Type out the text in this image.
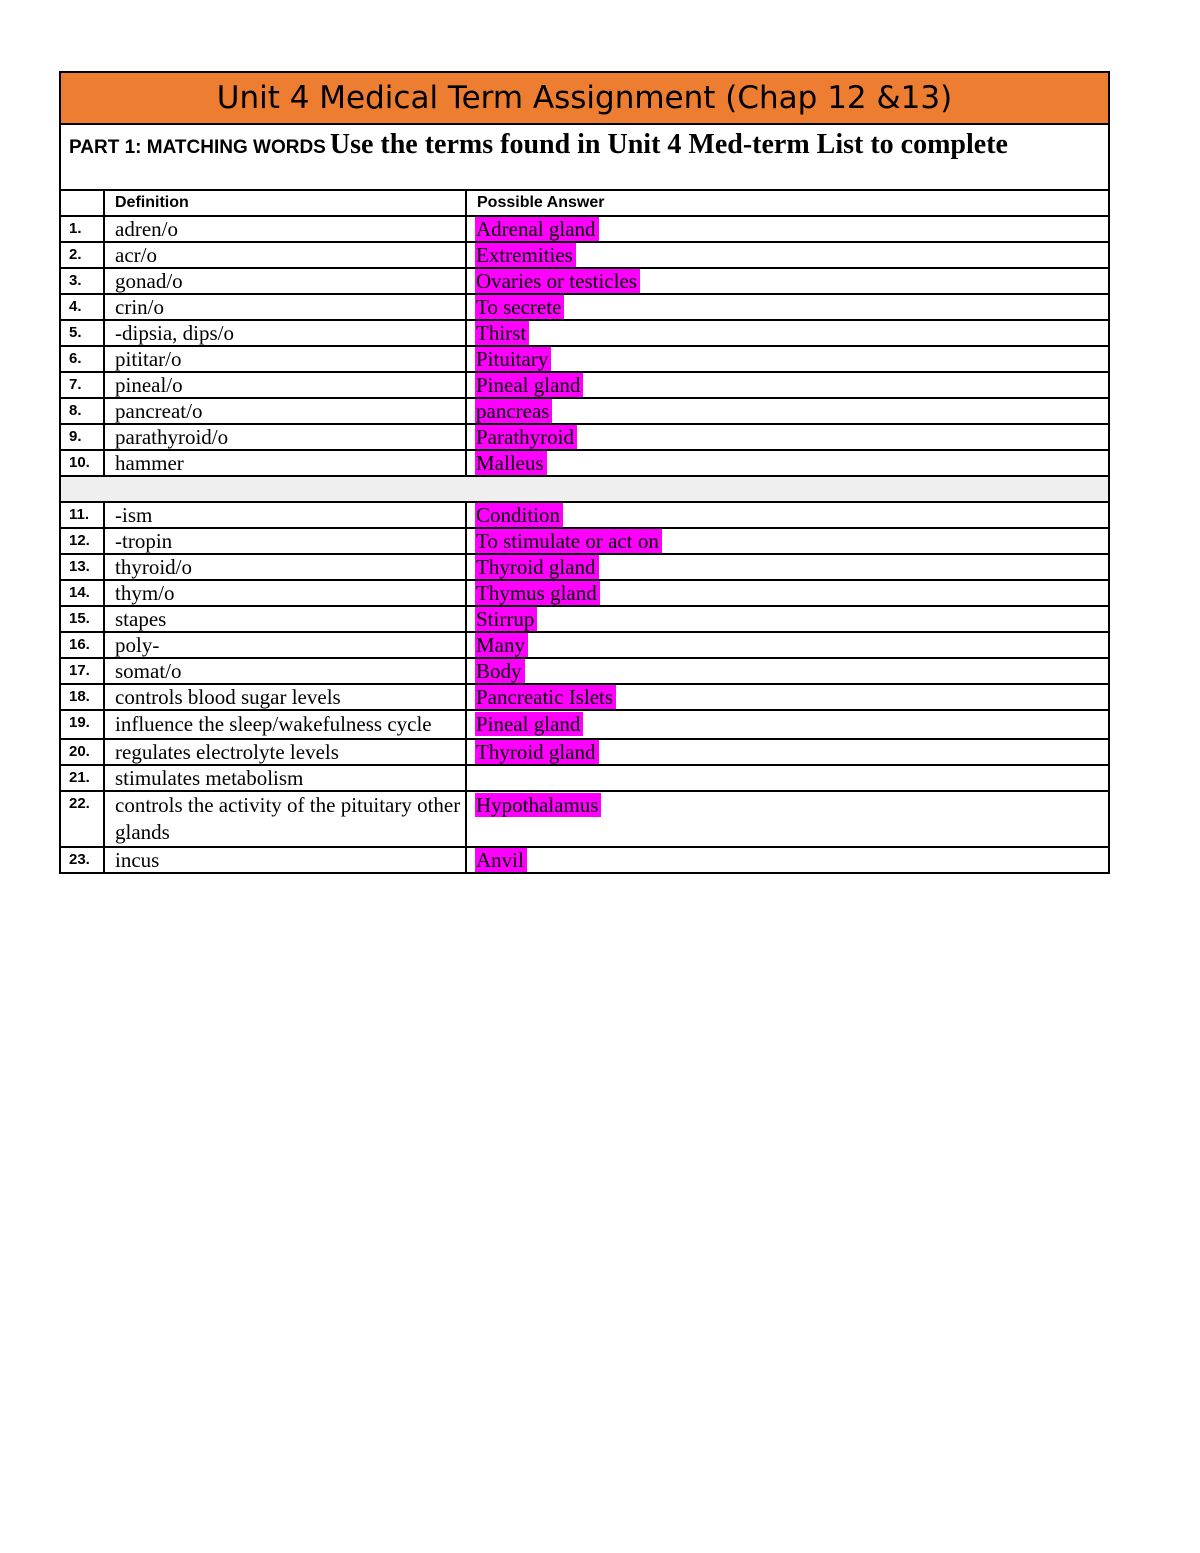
Unit 4 Medical Term Assignment (Chap 12 &13)
PART 1: MATCHING WORDS Use the terms found in Unit 4 Med-term List to complete
	Definition	Possible Answer
1.	adren/o	Adrenal gland
2.	acr/o	Extremities
3.	gonad/o	Ovaries or testicles
4.	crin/o	To secrete
5.	-dipsia, dips/o	Thirst
6.	pititar/o	Pituitary
7.	pineal/o	Pineal gland
8.	pancreat/o	pancreas
9.	parathyroid/o	Parathyroid
10.	hammer	Malleus

11.	-ism	Condition
12.	-tropin	To stimulate or act on
13.	thyroid/o	Thyroid gland
14.	thym/o	Thymus gland
15.	stapes	Stirrup
16.	poly-	Many
17.	somat/o	Body
18.	controls blood sugar levels	Pancreatic Islets
19.	influence the sleep/wakefulness cycle	Pineal gland
20.	regulates electrolyte levels	Thyroid gland
21.	stimulates metabolism	
22.	controls the activity of the pituitary other glands	Hypothalamus
23.	incus	Anvil
